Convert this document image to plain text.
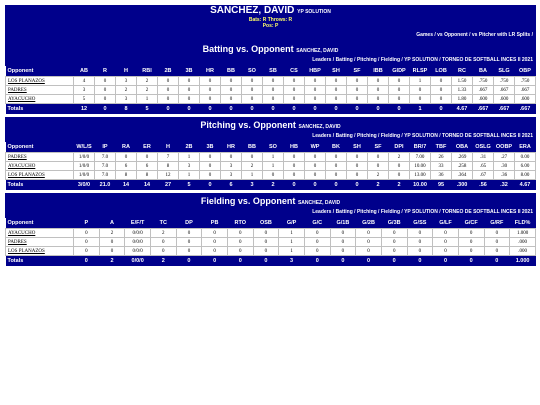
SANCHEZ, DAVID YP SOLUTION
Bats: R Throws: R
Pos: P
Games / vs Opponent / vs Pitcher with LR Splits /
Batting vs. Opponent SANCHEZ, DAVID
Leaders / Batting / Pitching / Fielding / YP SOLUTION / TORNEO DE SOFTBALL INCES II 2021
Opponent	AB	R	H	RBI	2B	3B	HR	BB	SO	SB	CS	HBP	SH	SF	IBB	GIDP	RLSP	LOB	RC	BA	SLG	OBP
LOS PLANAZOS	4	0	3	2	0	0	0	0	0	0	0	0	0	0	0	0	1	0	1.50	.750	.750	.750
PADRES	3	0	2	2	0	0	0	0	0	0	0	0	0	0	0	0	0	0	1.33	.667	.667	.667
AYACUCHO	5	0	3	1	0	0	0	0	0	0	0	0	0	0	0	0	0	0	1.80	.600	.600	.600
Totals	12	0	8	5	0	0	0	0	0	0	0	0	0	0	0	0	1	0	4.67	.667	.667	.667
Pitching vs. Opponent SANCHEZ, DAVID
Leaders / Batting / Pitching / Fielding / YP SOLUTION / TORNEO DE SOFTBALL INCES II 2021
Opponent	W/L/S	IP	RA	ER	H	2B	3B	HR	BB	SO	HB	WP	BK	SH	SF	DPI	BR/7	TBF	OBA	OSLG	OOBP	ERA
PADRES	1/0/0	7.0	0	0	7	1	0	0	0	1	0	0	0	0	0	2	7.00	26	.269	.31	.27	0.00
AYACUCHO	1/0/0	7.0	6	6	8	3	0	3	2	1	0	0	0	0	0	0	10.00	33	.258	.65	.30	6.00
LOS PLANAZOS	1/0/0	7.0	8	8	12	1	0	3	1	0	0	0	0	0	2	0	13.00	36	.364	.67	.36	8.00
Totals	3/0/0	21.0	14	14	27	5	0	6	3	2	0	0	0	0	2	2	10.00	95	.300	.56	.32	4.67
Fielding vs. Opponent SANCHEZ, DAVID
Leaders / Batting / Pitching / Fielding / YP SOLUTION / TORNEO DE SOFTBALL INCES II 2021
Opponent	P	A	E/F/T	TC	DP	PB	RTO	OSB	G/P	G/C	G/1B	G/2B	G/3B	G/SS	G/LF	G/CF	G/RF	FLD%
AYACUCHO	0	2	0/0/0	2	0	0	0	0	1	0	0	0	0	0	0	0	0	1.000
PADRES	0	0	0/0/0	0	0	0	0	0	1	0	0	0	0	0	0	0	0	.000
LOS PLANAZOS	0	0	0/0/0	0	0	0	0	0	1	0	0	0	0	0	0	0	0	.000
Totals	0	2	0/0/0	2	0	0	0	0	3	0	0	0	0	0	0	0	0	1.000
